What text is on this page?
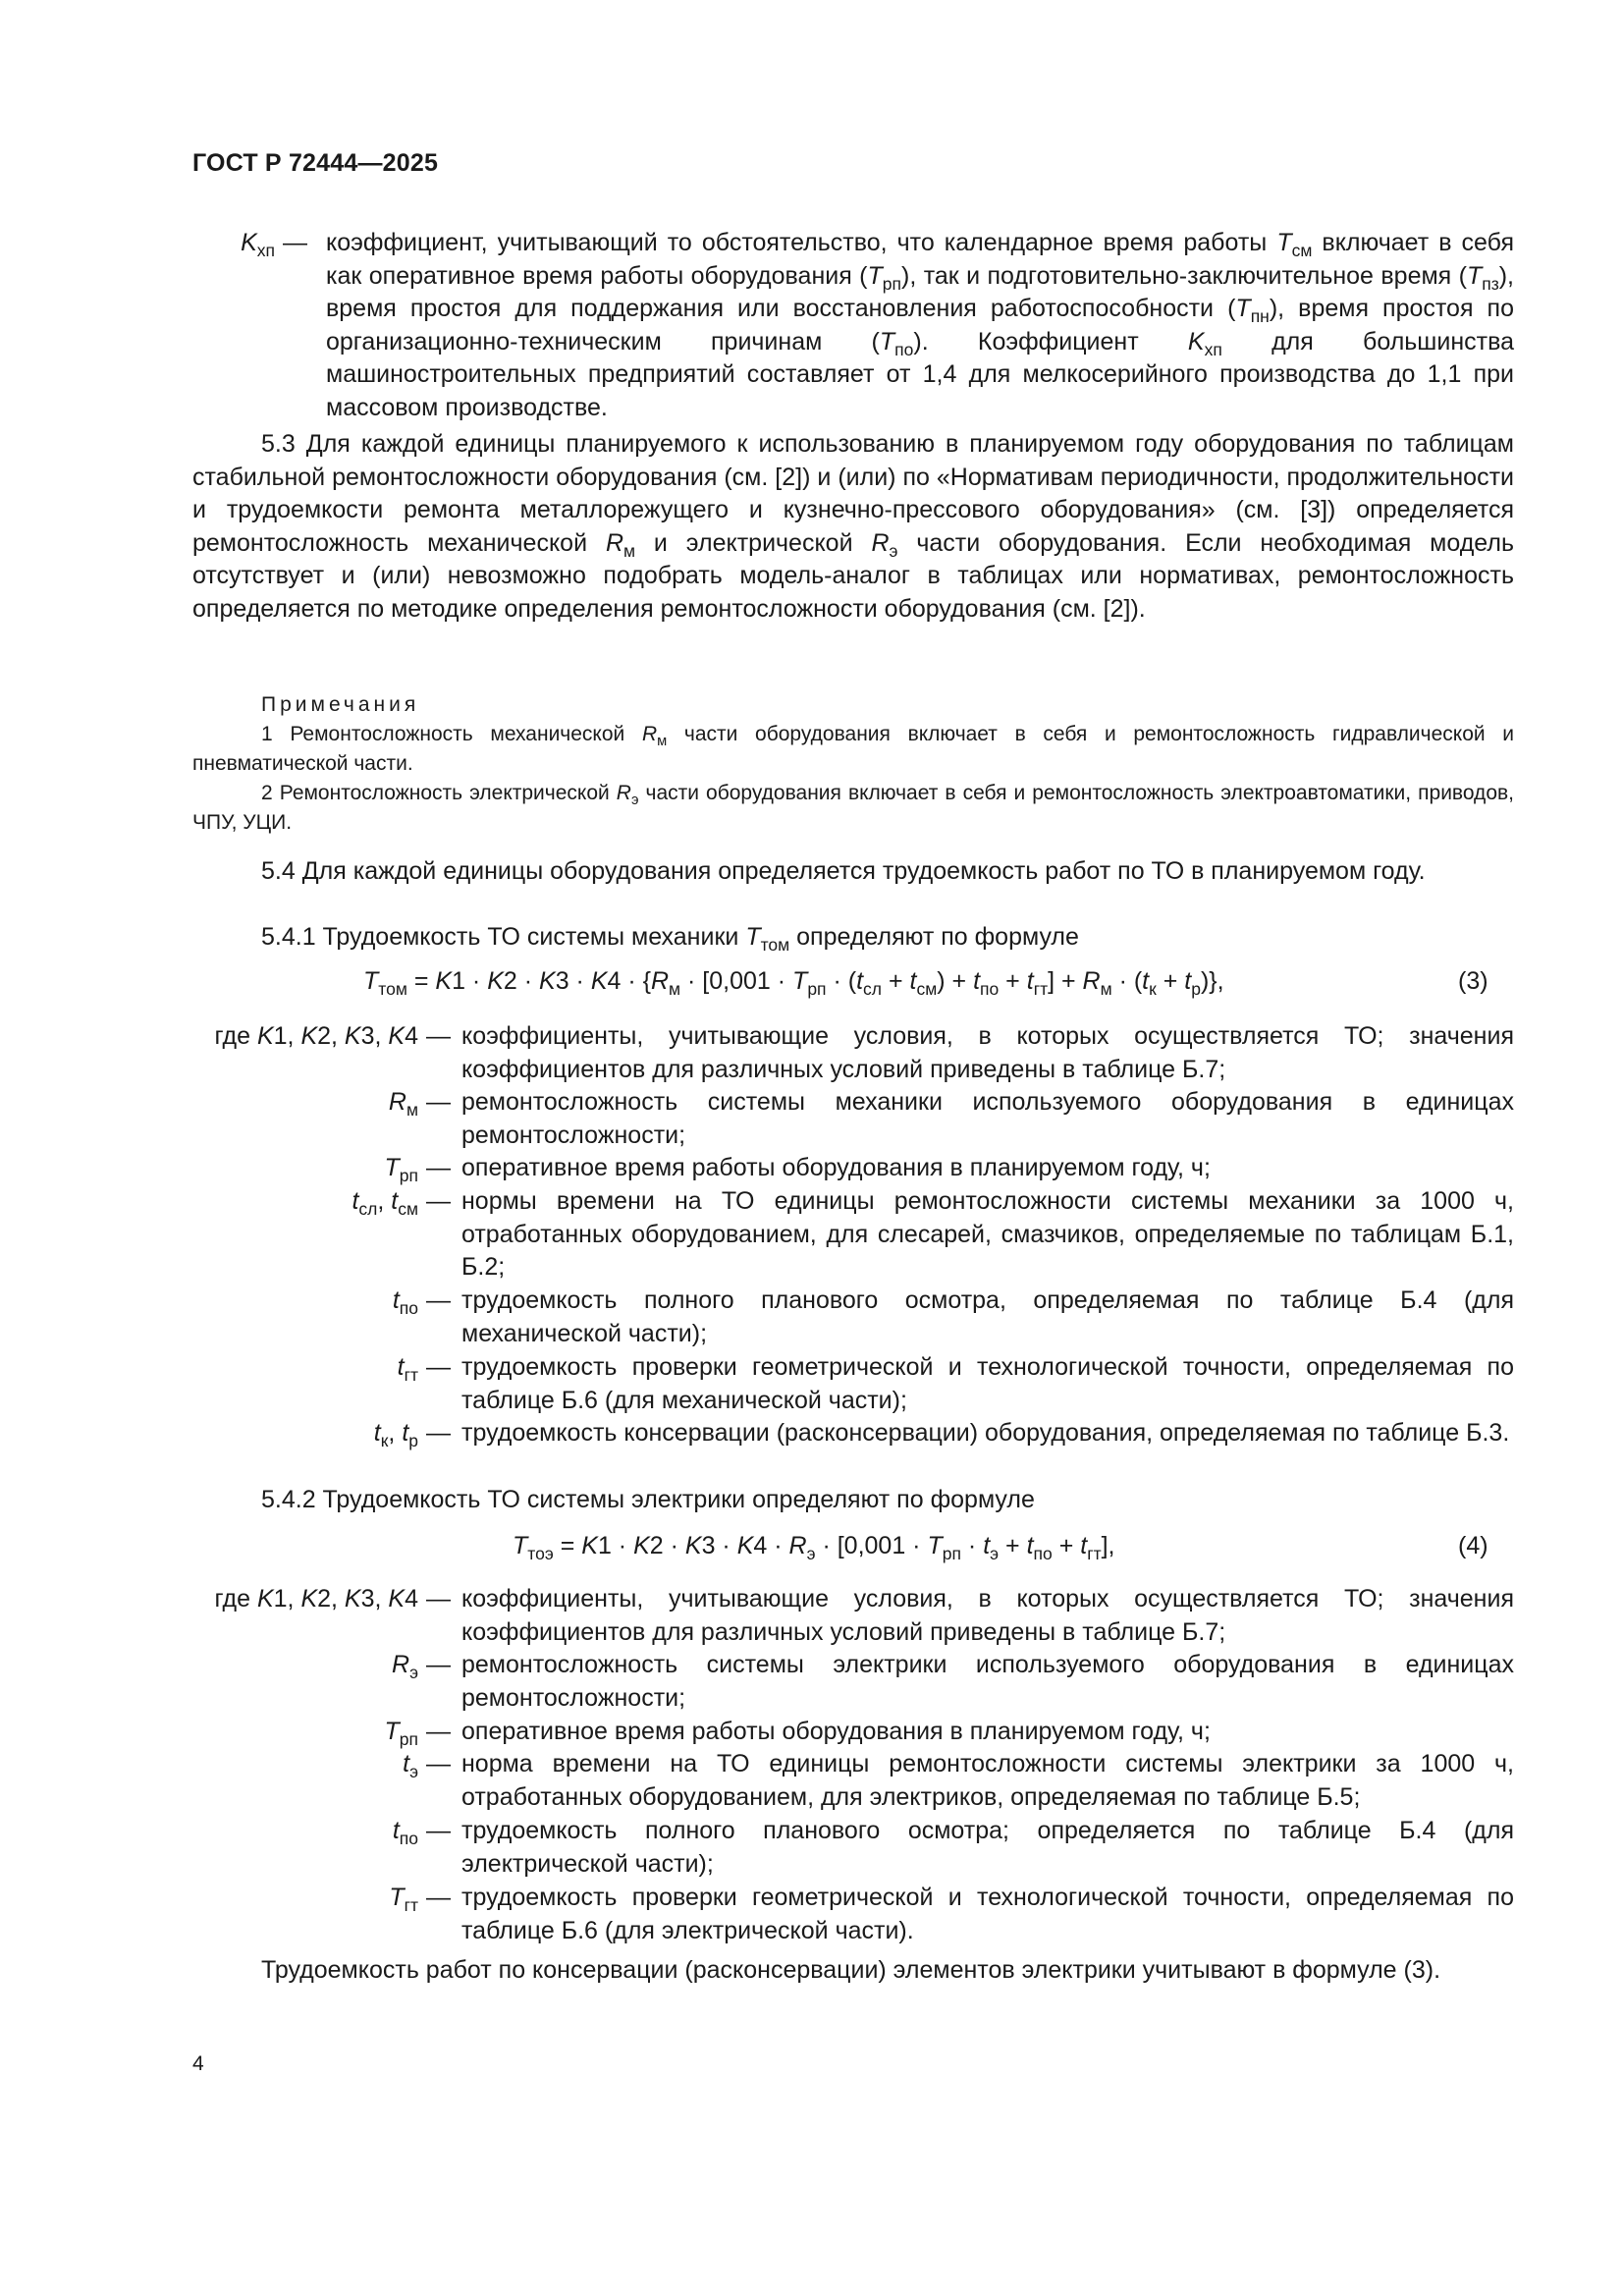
ГОСТ Р 72444—2025
$K_{хп}$ — коэффициент, учитывающий то обстоятельство, что календарное время работы $T_{см}$ включает в себя как оперативное время работы оборудования $(T_{рп})$, так и подготовительно-заключительное время $(T_{пз})$, время простоя для поддержания или восстановления работоспособности $(T_{пн})$, время простоя по организационно-техническим причинам $(T_{по})$. Коэффициент $K_{хп}$ для большинства машиностроительных предприятий составляет от 1,4 для мелкосерийного производства до 1,1 при массовом производстве.

5.3 Для каждой единицы планируемого к использованию в планируемом году оборудования по таблицам стабильной ремонтосложности оборудования (см. [2]) и (или) по «Нормативам периодичности, продолжительности и трудоемкости ремонта металлорежущего и кузнечно-прессового оборудования» (см. [3]) определяется ремонтосложность механической $R_м$ и электрической $R_э$ части оборудования. Если необходимая модель отсутствует и (или) невозможно подобрать модель-аналог в таблицах или нормативах, ремонтосложность определяется по методике определения ремонтосложности оборудования (см. [2]).

Примечания

1 Ремонтосложность механической $R_м$ части оборудования включает в себя и ремонтосложность гидравлической и пневматической части.

2 Ремонтосложность электрической $R_э$ части оборудования включает в себя и ремонтосложность электроавтоматики, приводов, ЧПУ, УЦИ.

5.4 Для каждой единицы оборудования определяется трудоемкость работ по ТО в планируемом году.

5.4.1 Трудоемкость ТО системы механики $T_{том}$ определяют по формуле

$T_{том} = K1 \cdot K2 \cdot K3 \cdot K4 \cdot \{R_м \cdot [0,001 \cdot T_{рп} \cdot (t_{сл} + t_{см}) + t_{по} + t_{гт}] + R_м \cdot (t_к + t_р)\}$,	(3)
где K1, K2, K3, K4 — коэффициенты, учитывающие условия, в которых осуществляется ТО; значения коэффициентов для различных условий приведены в таблице Б.7;
$R_м$ — ремонтосложность системы механики используемого оборудования в единицах ремонтосложности;
$T_{рп}$ — оперативное время работы оборудования в планируемом году, ч;
$t_{сл}$, $t_{см}$ — нормы времени на ТО единицы ремонтосложности системы механики за 1000 ч, отработанных оборудованием, для слесарей, смазчиков, определяемые по таблицам Б.1, Б.2;
$t_{по}$ — трудоемкость полного планового осмотра, определяемая по таблице Б.4 (для механической части);
$t_{гт}$ — трудоемкость проверки геометрической и технологической точности, определяемая по таблице Б.6 (для механической части);
$t_к$, $t_р$ — трудоемкость консервации (расконсервации) оборудования, определяемая по таблице Б.3.

5.4.2 Трудоемкость ТО системы электрики определяют по формуле

$T_{тоэ} = K1 \cdot K2 \cdot K3 \cdot K4 \cdot R_э \cdot [0,001 \cdot T_{рп} \cdot t_э + t_{по} + t_{гт}]$,	(4)
где K1, K2, K3, K4 — коэффициенты, учитывающие условия, в которых осуществляется ТО; значения коэффициентов для различных условий приведены в таблице Б.7;
$R_э$ — ремонтосложность системы электрики используемого оборудования в единицах ремонтосложности;
$T_{рп}$ — оперативное время работы оборудования в планируемом году, ч;
$t_э$ — норма времени на ТО единицы ремонтосложности системы электрики за 1000 ч, отработанных оборудованием, для электриков, определяемая по таблице Б.5;
$t_{по}$ — трудоемкость полного планового осмотра; определяется по таблице Б.4 (для электрической части);
$T_{гт}$ — трудоемкость проверки геометрической и технологической точности, определяемая по таблице Б.6 (для электрической части).

Трудоемкость работ по консервации (расконсервации) элементов электрики учитывают в формуле (3).

4
